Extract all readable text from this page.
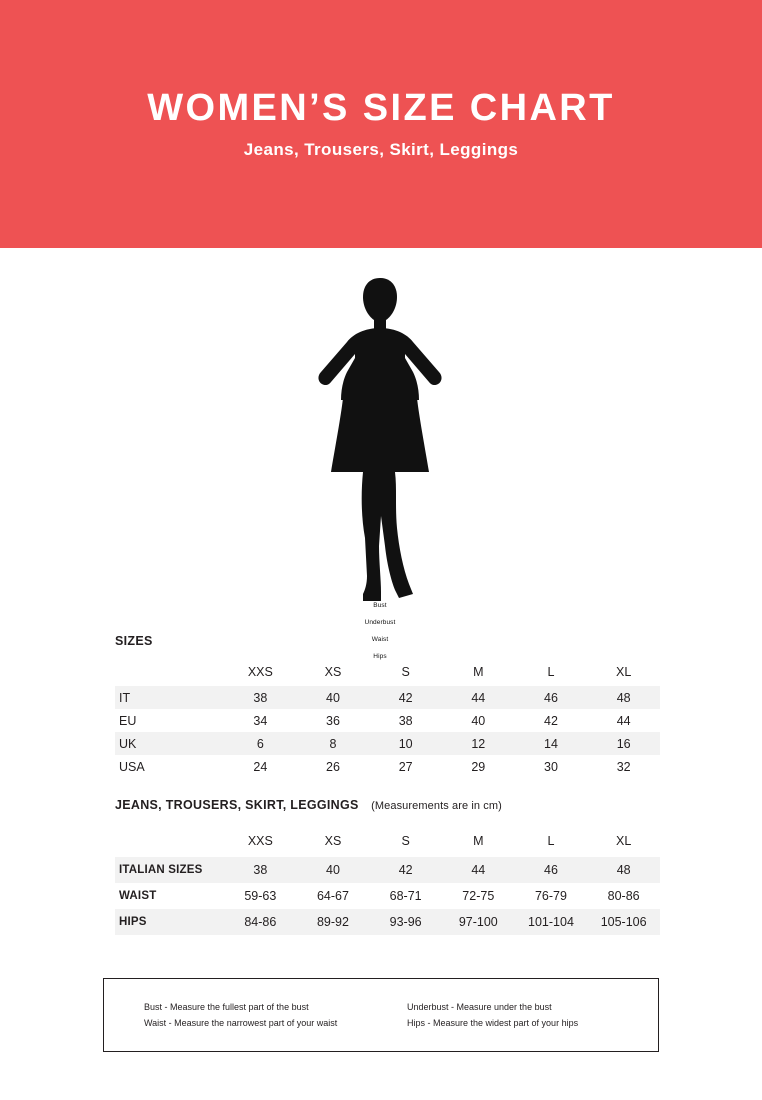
WOMEN’S SIZE CHART
Jeans, Trousers, Skirt, Leggings
Bust
Underbust
Waist
Hips
SIZES
	XXS	XS	S	M	L	XL
IT	38	40	42	44	46	48
EU	34	36	38	40	42	44
UK	6	8	10	12	14	16
USA	24	26	27	29	30	32
JEANS, TROUSERS, SKIRT, LEGGINGS (Measurements are in cm)
	XXS	XS	S	M	L	XL
ITALIAN SIZES	38	40	42	44	46	48
WAIST	59-63	64-67	68-71	72-75	76-79	80-86
HIPS	84-86	89-92	93-96	97-100	101-104	105-106
Bust - Measure the fullest part of the bust
Waist - Measure the narrowest part of your waist
Underbust - Measure under the bust
Hips - Measure the widest part of your hips
